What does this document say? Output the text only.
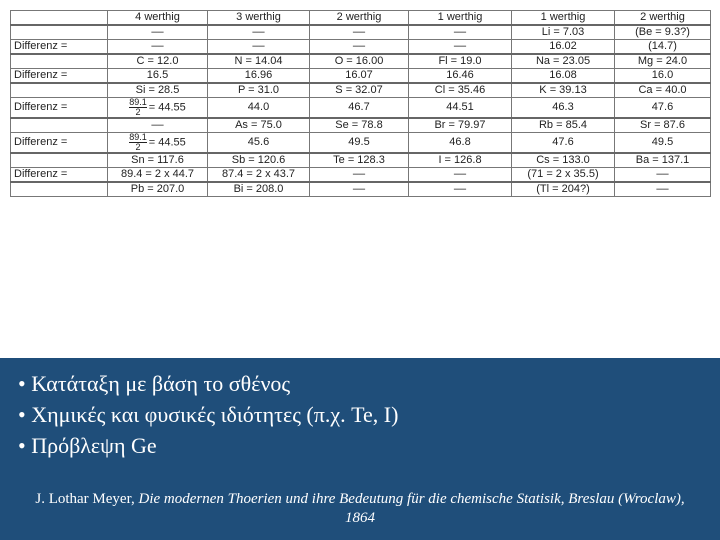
	4 werthig	3 werthig	2 werthig	1 werthig	1 werthig	2 werthig
	––	––	––	––	Li = 7.03	(Be = 9.3?)
Differenz =	––	––	––	––	16.02	(14.7)
	C = 12.0	N = 14.04	O = 16.00	Fl = 19.0	Na = 23.05	Mg = 24.0
Differenz =	16.5	16.96	16.07	16.46	16.08	16.0
	Si = 28.5	P = 31.0	S = 32.07	Cl = 35.46	K = 39.13	Ca = 40.0
Differenz =	$\frac{89.1}{2} = 44.55$	44.0	46.7	44.51	46.3	47.6
	––	As = 75.0	Se = 78.8	Br = 79.97	Rb = 85.4	Sr = 87.6
Differenz =	$\frac{89.1}{2} = 44.55$	45.6	49.5	46.8	47.6	49.5
	Sn = 117.6	Sb = 120.6	Te = 128.3	I = 126.8	Cs = 133.0	Ba = 137.1
Differenz =	89.4 = 2 x 44.7	87.4 = 2 x 43.7	––	––	(71 = 2 x 35.5)	––
	Pb = 207.0	Bi = 208.0	––	––	(Tl = 204?)	––
• Κατάταξη με βάση το σθένος
• Χημικές και φυσικές ιδιότητες (π.χ. Te, I)
• Πρόβλεψη Ge
J. Lothar Meyer, Die modernen Thoerien und ihre Bedeutung für die chemische Statisik, Breslau (Wroclaw), 1864
